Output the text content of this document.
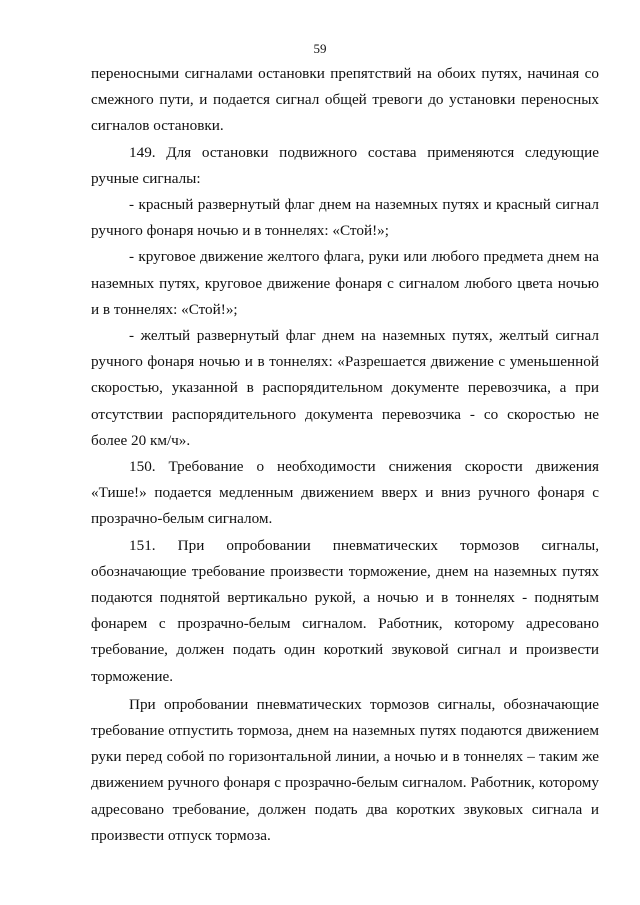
59

переносными сигналами остановки препятствий на обоих путях, начиная со смежного пути, и подается сигнал общей тревоги до установки переносных сигналов остановки.

149. Для остановки подвижного состава применяются следующие ручные сигналы:

- красный развернутый флаг днем на наземных путях и красный сигнал ручного фонаря ночью и в тоннелях: «Стой!»;

- круговое движение желтого флага, руки или любого предмета днем на наземных путях, круговое движение фонаря с сигналом любого цвета ночью и в тоннелях: «Стой!»;

- желтый развернутый флаг днем на наземных путях, желтый сигнал ручного фонаря ночью и в тоннелях: «Разрешается движение с уменьшенной скоростью, указанной в распорядительном документе перевозчика, а при отсутствии распорядительного документа перевозчика - со скоростью не более 20 км/ч».

150. Требование о необходимости снижения скорости движения «Тише!» подается медленным движением вверх и вниз ручного фонаря с прозрачно-белым сигналом.

151. При опробовании пневматических тормозов сигналы, обозначающие требование произвести торможение, днем на наземных путях подаются поднятой вертикально рукой, а ночью и в тоннелях - поднятым фонарем с прозрачно-белым сигналом. Работник, которому адресовано требование, должен подать один короткий звуковой сигнал и произвести торможение.

При опробовании пневматических тормозов сигналы, обозначающие требование отпустить тормоза, днем на наземных путях подаются движением руки перед собой по горизонтальной линии, а ночью и в тоннелях – таким же движением ручного фонаря с прозрачно-белым сигналом. Работник, которому адресовано требование, должен подать два коротких звуковых сигнала и произвести отпуск тормоза.
